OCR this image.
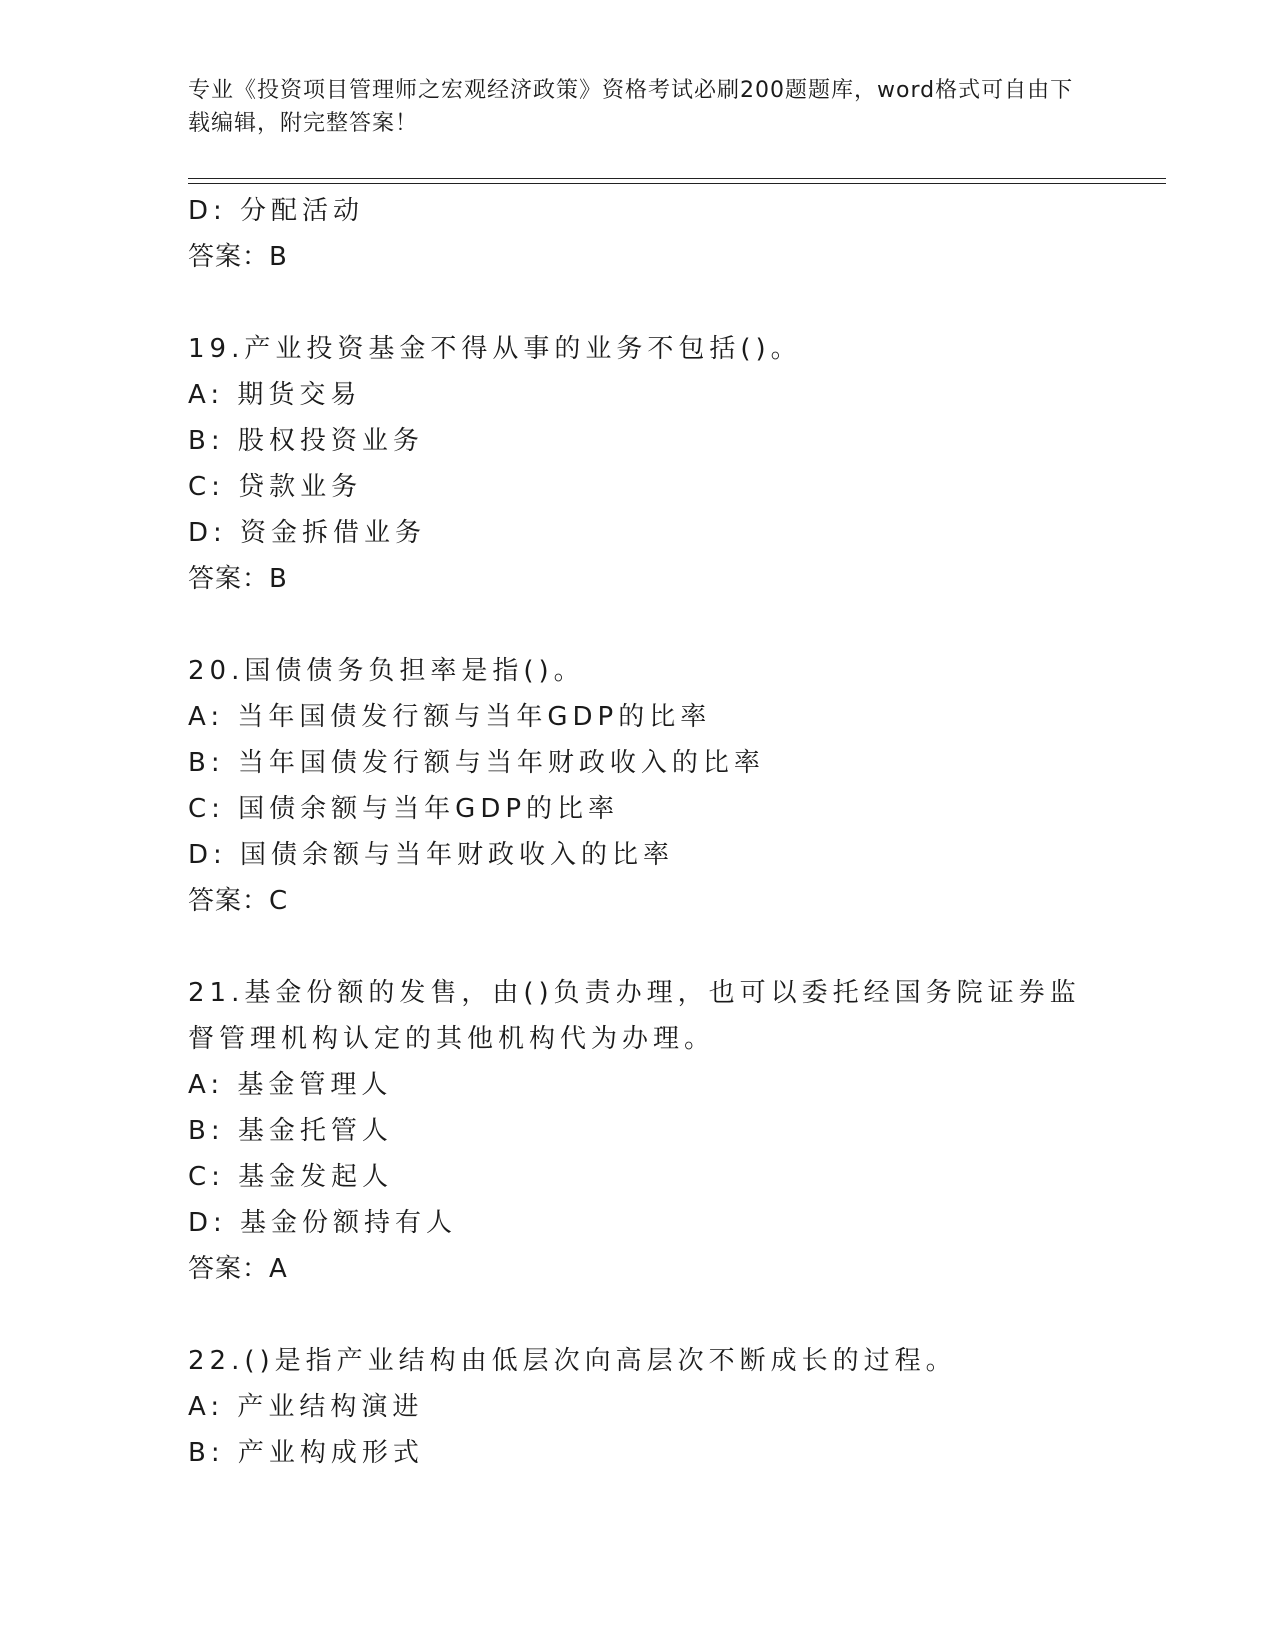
专业《投资项目管理师之宏观经济政策》资格考试必刷200题题库，word格式可自由下载编辑，附完整答案！
D: 分配活动
答案：B
19.产业投资基金不得从事的业务不包括()。
A: 期货交易
B: 股权投资业务
C: 贷款业务
D: 资金拆借业务
答案：B
20.国债债务负担率是指()。
A: 当年国债发行额与当年GDP的比率
B: 当年国债发行额与当年财政收入的比率
C: 国债余额与当年GDP的比率
D: 国债余额与当年财政收入的比率
答案：C
21.基金份额的发售，由()负责办理，也可以委托经国务院证券监督管理机构认定的其他机构代为办理。
A: 基金管理人
B: 基金托管人
C: 基金发起人
D: 基金份额持有人
答案：A
22.()是指产业结构由低层次向高层次不断成长的过程。
A: 产业结构演进
B: 产业构成形式
